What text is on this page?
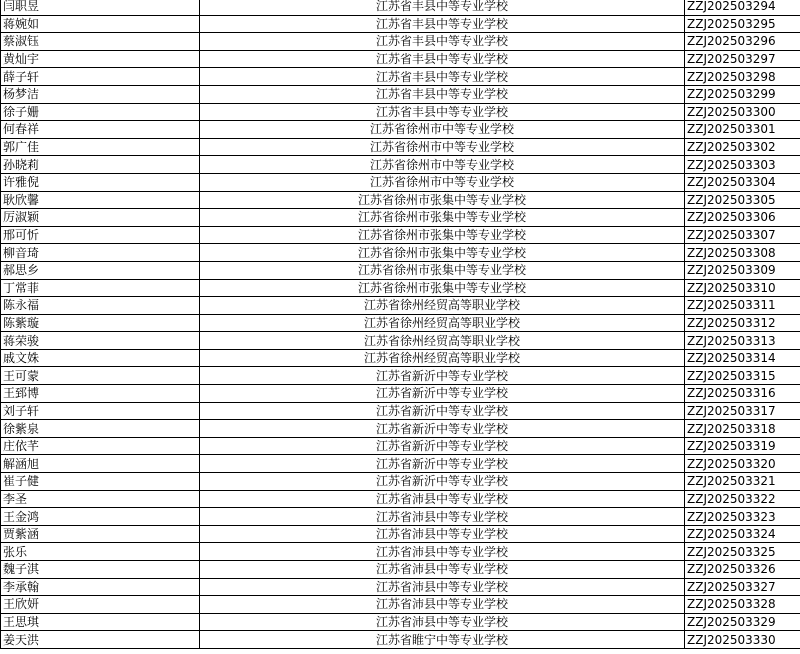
闫职昱	江苏省丰县中等专业学校	ZZJ202503294
蒋婉如	江苏省丰县中等专业学校	ZZJ202503295
蔡淑钰	江苏省丰县中等专业学校	ZZJ202503296
黄灿宇	江苏省丰县中等专业学校	ZZJ202503297
薛子轩	江苏省丰县中等专业学校	ZZJ202503298
杨梦洁	江苏省丰县中等专业学校	ZZJ202503299
徐子姗	江苏省丰县中等专业学校	ZZJ202503300
何春祥	江苏省徐州市中等专业学校	ZZJ202503301
郭广佳	江苏省徐州市中等专业学校	ZZJ202503302
孙晓莉	江苏省徐州市中等专业学校	ZZJ202503303
许雅倪	江苏省徐州市中等专业学校	ZZJ202503304
耿欣馨	江苏省徐州市张集中等专业学校	ZZJ202503305
厉淑颖	江苏省徐州市张集中等专业学校	ZZJ202503306
邢可忻	江苏省徐州市张集中等专业学校	ZZJ202503307
柳音琦	江苏省徐州市张集中等专业学校	ZZJ202503308
郝思乡	江苏省徐州市张集中等专业学校	ZZJ202503309
丁常菲	江苏省徐州市张集中等专业学校	ZZJ202503310
陈永福	江苏省徐州经贸高等职业学校	ZZJ202503311
陈紫璇	江苏省徐州经贸高等职业学校	ZZJ202503312
蒋荣骏	江苏省徐州经贸高等职业学校	ZZJ202503313
戚文姝	江苏省徐州经贸高等职业学校	ZZJ202503314
王可蒙	江苏省新沂中等专业学校	ZZJ202503315
王郅博	江苏省新沂中等专业学校	ZZJ202503316
刘子轩	江苏省新沂中等专业学校	ZZJ202503317
徐紫泉	江苏省新沂中等专业学校	ZZJ202503318
庄依芊	江苏省新沂中等专业学校	ZZJ202503319
解涵旭	江苏省新沂中等专业学校	ZZJ202503320
崔子健	江苏省新沂中等专业学校	ZZJ202503321
李圣	江苏省沛县中等专业学校	ZZJ202503322
王金鸿	江苏省沛县中等专业学校	ZZJ202503323
贾紫涵	江苏省沛县中等专业学校	ZZJ202503324
张乐	江苏省沛县中等专业学校	ZZJ202503325
魏子淇	江苏省沛县中等专业学校	ZZJ202503326
李承翰	江苏省沛县中等专业学校	ZZJ202503327
王欣妍	江苏省沛县中等专业学校	ZZJ202503328
王思琪	江苏省沛县中等专业学校	ZZJ202503329
姜天洪	江苏省睢宁中等专业学校	ZZJ202503330
